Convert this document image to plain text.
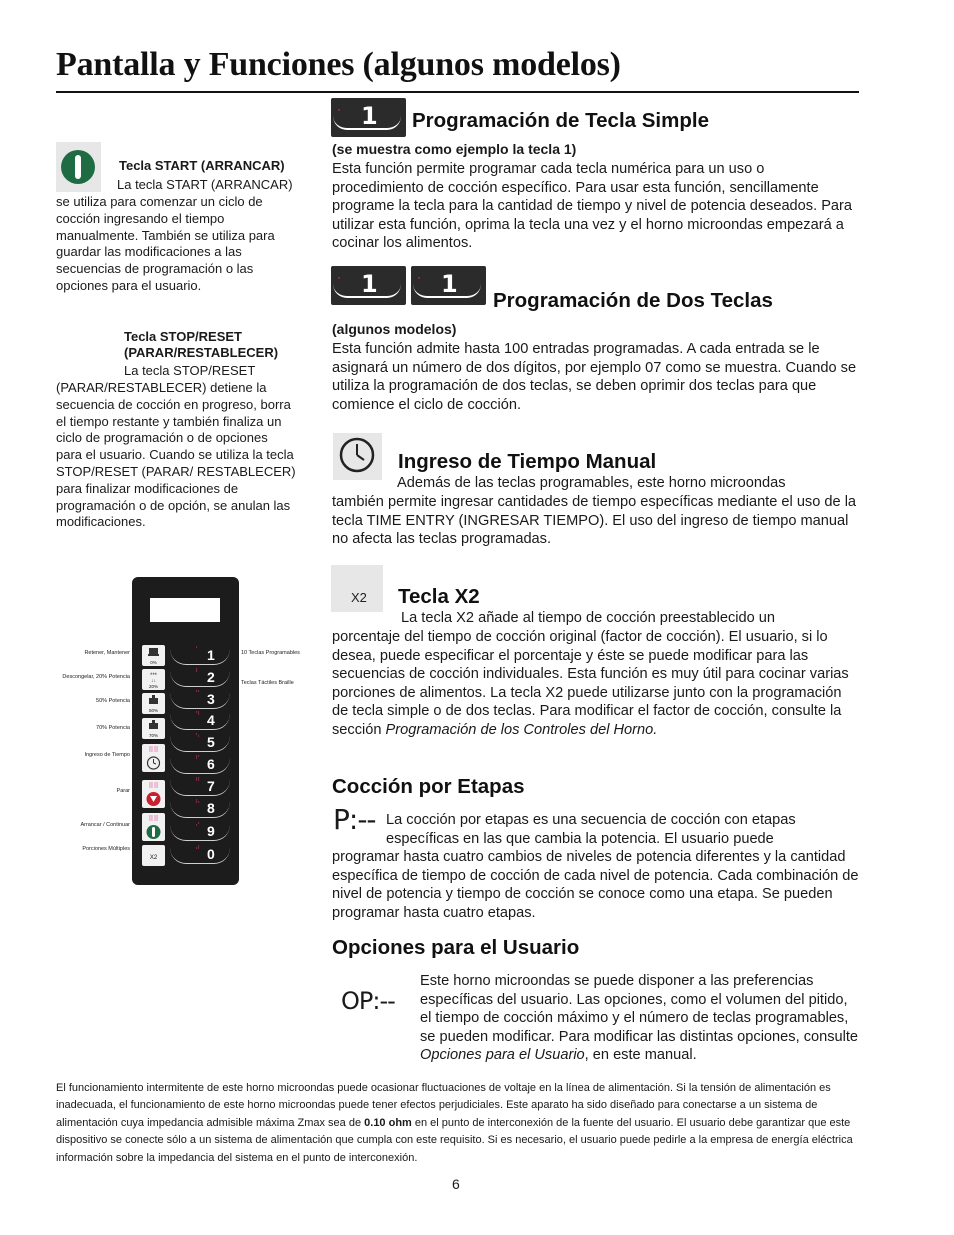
Pantalla y Funciones (algunos modelos)
Tecla START (ARRANCAR)
La tecla START (ARRANCAR)
se utiliza para comenzar un ciclo de cocción ingresando el tiempo manualmente. También se utiliza para guardar las modificaciones a las secuencias de programación o las opciones para el usuario.
Tecla STOP/RESET
(PARAR/RESTABLECER)
La tecla STOP/RESET
(PARAR/RESTABLECER) detiene la secuencia de cocción en progreso, borra el tiempo restante y también finaliza un ciclo de programación o de opciones para el usuario. Cuando se utiliza la tecla STOP/RESET (PARAR/ RESTABLECER) para finalizar modificaciones de programación o de opción, se anulan las modificaciones.
Retener, Mantener
Descongelar, 20% Potencia
50% Potencia
70% Potencia
Ingreso de Tiempo
Parar
Arrancar / Continuar
Porciones Múltiples
10 Teclas Programables
Teclas Táctiles Braille
0%
***
↓↓
20%
50%
70%
⠿⠿
⠿⠿
⠿⠿
X2
⠁ 1
⠃ 2
⠉ 3
⠙ 4
⠑ 5
⠋ 6
⠛ 7
⠓ 8
⠊ 9
⠚ 0
⠁ 1 Programación de Tecla Simple
(se muestra como ejemplo la tecla 1)
Esta función permite programar cada tecla numérica para un uso o procedimiento de cocción específico. Para usar esta función, sencillamente programe la tecla para la cantidad de tiempo y nivel de potencia deseados. Para utilizar esta función, oprima la tecla una vez y el horno microondas empezará a cocinar los alimentos.
⠁ 1	⠁ 1
Programación de Dos Teclas
(algunos modelos)
Esta función admite hasta 100 entradas programadas. A cada entrada se le asignará un número de dos dígitos, por ejemplo 07 como se muestra. Cuando se utiliza la programación de dos teclas, se deben oprimir dos teclas para que comience el ciclo de cocción.
Ingreso de Tiempo Manual
Además de las teclas programables, este horno microondas
también permite ingresar cantidades de tiempo específicas mediante el uso de la tecla TIME ENTRY (INGRESAR TIEMPO). El uso del ingreso de tiempo manual no afecta las teclas programadas.
X2 Tecla X2
La tecla X2 añade al tiempo de cocción preestablecido un
porcentaje del tiempo de cocción original (factor de cocción). El usuario, si lo desea, puede especificar el porcentaje y éste se puede modificar para las secuencias de cocción individuales. Esta función es muy útil para cocinar varias porciones de alimentos. La tecla X2 puede utilizarse junto con la programación de tecla simple o de dos teclas. Para modificar el factor de cocción, consulte la sección Programación de los Controles del Horno.
Cocción por Etapas
P:-- La cocción por etapas es una secuencia de cocción con etapas específicas en las que cambia la potencia. El usuario puede
programar hasta cuatro cambios de niveles de potencia diferentes y la cantidad específica de tiempo de cocción de cada nivel de potencia. Cada combinación de nivel de potencia y tiempo de cocción se conoce como una etapa. Se pueden programar hasta cuatro etapas.
Opciones para el Usuario
OP:--
Este horno microondas se puede disponer a las preferencias específicas del usuario. Las opciones, como el volumen del pitido, el tiempo de cocción máximo y el número de teclas programables, se pueden modificar. Para modificar las distintas opciones, consulte Opciones para el Usuario, en este manual.
El funcionamiento intermitente de este horno microondas puede ocasionar fluctuaciones de voltaje en la línea de alimentación. Si la tensión de alimentación es inadecuada, el funcionamiento de este horno microondas puede tener efectos perjudiciales. Este aparato ha sido diseñado para conectarse a un sistema de alimentación cuya impedancia admisible máxima Zmax sea de 0.10 ohm en el punto de interconexión de la fuente del usuario. El usuario debe garantizar que este dispositivo se conecte sólo a un sistema de alimentación que cumpla con este requisito. Si es necesario, el usuario puede pedirle a la empresa de energía eléctrica información sobre la impedancia del sistema en el punto de interconexión.
6
